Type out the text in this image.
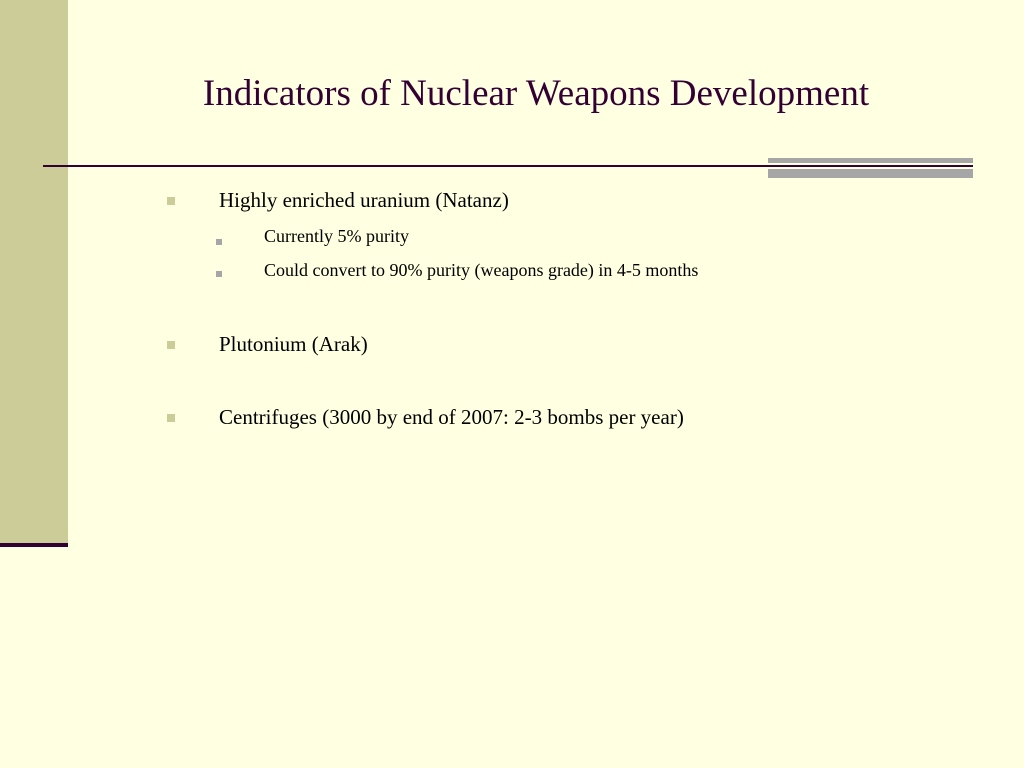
Indicators of Nuclear Weapons Development
Highly enriched uranium (Natanz)
Currently 5% purity
Could convert to 90% purity (weapons grade) in 4-5 months
Plutonium (Arak)
Centrifuges (3000 by end of 2007: 2-3 bombs per year)
